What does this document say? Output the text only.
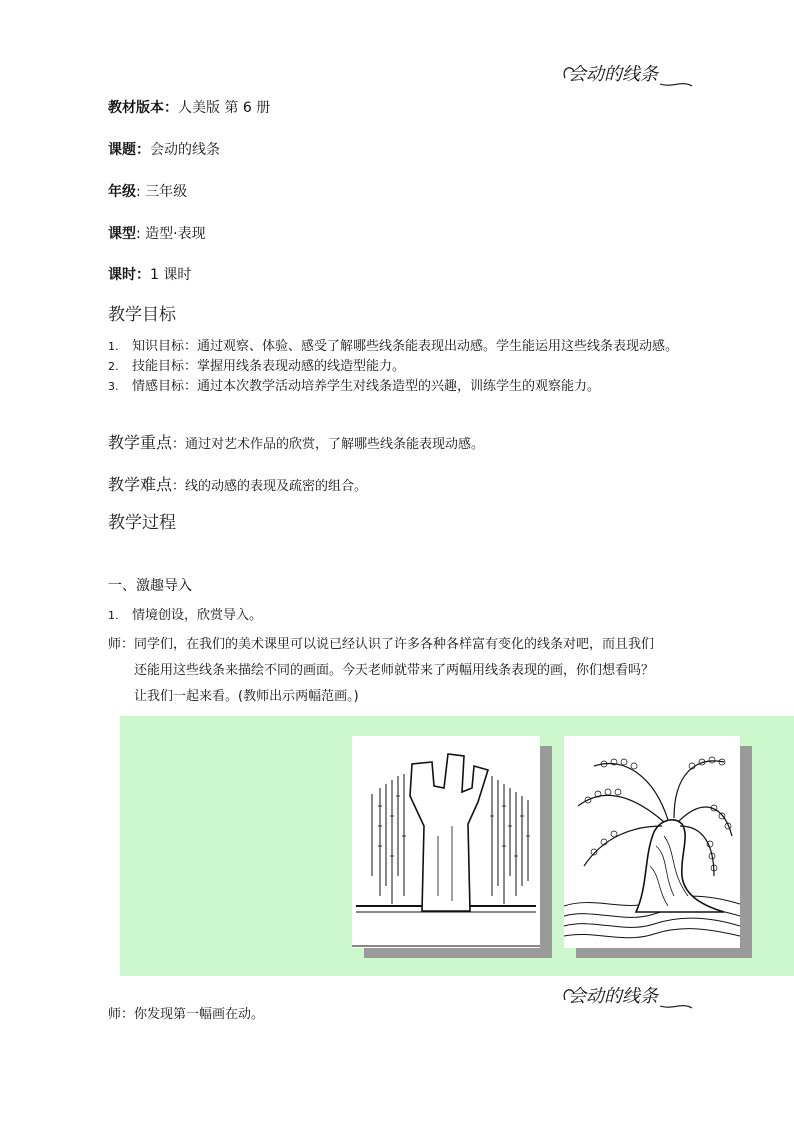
会动的线条
教材版本：人美版 第 6 册
课题：会动的线条
年级: 三年级
课型: 造型·表现
课时：1 课时
教学目标
1.	知识目标：通过观察、体验、感受了解哪些线条能表现出动感。学生能运用这些线条表现动感。
2.	技能目标：掌握用线条表现动感的线造型能力。
3.	情感目标：通过本次教学活动培养学生对线条造型的兴趣，训练学生的观察能力。
教学重点：通过对艺术作品的欣赏，了解哪些线条能表现动感。
教学难点：线的动感的表现及疏密的组合。
教学过程
一、激趣导入
1.	情境创设，欣赏导入。
师：同学们，在我们的美术课里可以说已经认识了许多各种各样富有变化的线条对吧，而且我们
还能用这些线条来描绘不同的画面。今天老师就带来了两幅用线条表现的画，你们想看吗？
让我们一起来看。(教师出示两幅范画。)
会动的线条
师：你发现第一幅画在动。
